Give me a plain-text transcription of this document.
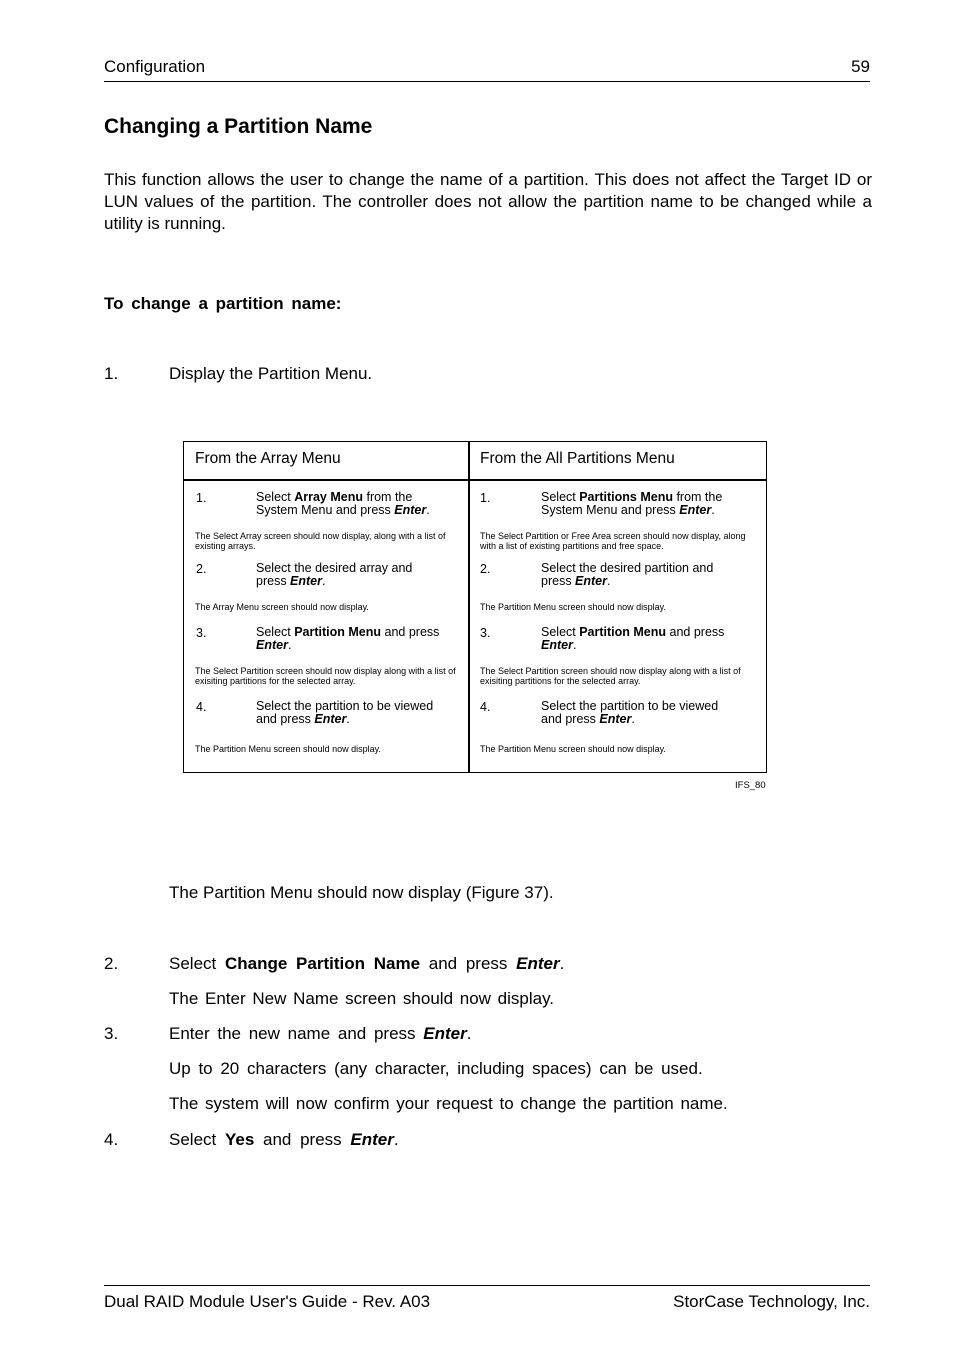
Configuration	59
Changing a Partition Name
This function allows the user to change the name of a partition. This does not affect the Target ID or LUN values of the partition. The controller does not allow the partition name to be changed while a utility is running.
To change a partition name:
1.	Display the Partition Menu.
From the Array Menu
1.	Select Array Menu from the
System Menu and press Enter.
The Select Array screen should now display, along with a list of existing arrays.
2.	Select the desired array and
press Enter.
The Array Menu screen should now display.
3.	Select Partition Menu and press
Enter.
The Select Partition screen should now display along with a list of exisiting partitions for the selected array.
4.	Select the partition to be viewed
and press Enter.
The Partition Menu screen should now display.
From the All Partitions Menu
1.	Select Partitions Menu from the
System Menu and press Enter.
The Select Partition or Free Area screen should now display, along with a list of existing partitions and free space.
2.	Select the desired partition and
press Enter.
The Partition Menu screen should now display.
3.	Select Partition Menu and press
Enter.
The Select Partition screen should now display along with a list of exisiting partitions for the selected array.
4.	Select the partition to be viewed
and press Enter.
The Partition Menu screen should now display.
IFS_80
The Partition Menu should now display (Figure 37).
2.	Select Change Partition Name and press Enter.
The Enter New Name screen should now display.
3.	Enter the new name and press Enter.
Up to 20 characters (any character, including spaces) can be used.
The system will now confirm your request to change the partition name.
4.	Select Yes and press Enter.
Dual RAID Module User's Guide - Rev. A03	StorCase Technology, Inc.
